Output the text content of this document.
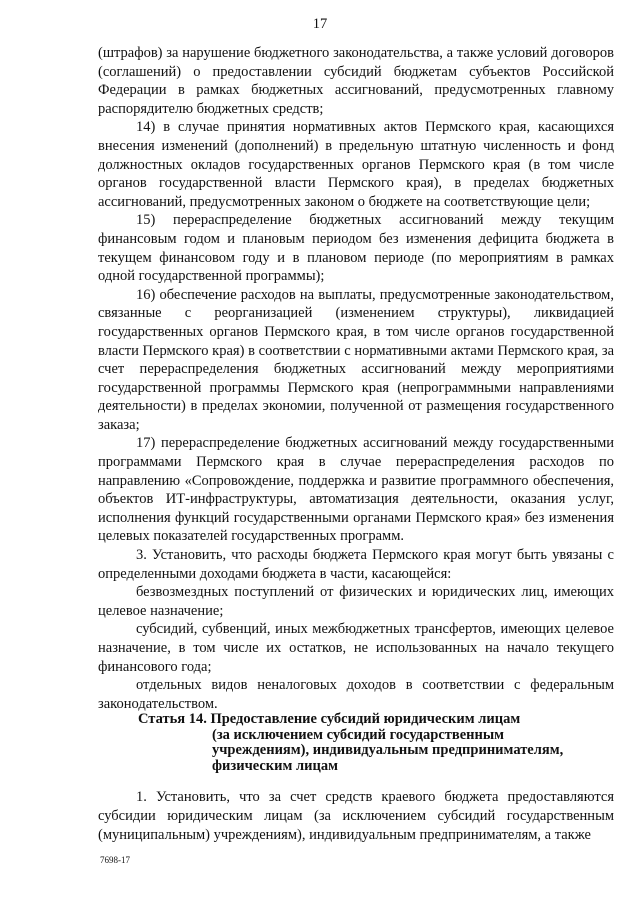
17

(штрафов) за нарушение бюджетного законодательства, а также условий договоров (соглашений) о предоставлении субсидий бюджетам субъектов Российской Федерации в рамках бюджетных ассигнований, предусмотренных главному распорядителю бюджетных средств;

14) в случае принятия нормативных актов Пермского края, касающихся внесения изменений (дополнений) в предельную штатную численность и фонд должностных окладов государственных органов Пермского края (в том числе органов государственной власти Пермского края), в пределах бюджетных ассигнований, предусмотренных законом о бюджете на соответствующие цели;

15) перераспределение бюджетных ассигнований между текущим финансовым годом и плановым периодом без изменения дефицита бюджета в текущем финансовом году и в плановом периоде (по мероприятиям в рамках одной государственной программы);

16) обеспечение расходов на выплаты, предусмотренные законодательством, связанные с реорганизацией (изменением структуры), ликвидацией государственных органов Пермского края, в том числе органов государственной власти Пермского края) в соответствии с нормативными актами Пермского края, за счет перераспределения бюджетных ассигнований между мероприятиями государственной программы Пермского края (непрограммными направлениями деятельности) в пределах экономии, полученной от размещения государственного заказа;

17) перераспределение бюджетных ассигнований между государственными программами Пермского края в случае перераспределения расходов по направлению «Сопровождение, поддержка и развитие программного обеспечения, объектов ИТ-инфраструктуры, автоматизация деятельности, оказания услуг, исполнения функций государственными органами Пермского края» без изменения целевых показателей государственных программ.

3. Установить, что расходы бюджета Пермского края могут быть увязаны с определенными доходами бюджета в части, касающейся:

безвозмездных поступлений от физических и юридических лиц, имеющих целевое назначение;

субсидий, субвенций, иных межбюджетных трансфертов, имеющих целевое назначение, в том числе их остатков, не использованных на начало текущего финансового года;

отдельных видов неналоговых доходов в соответствии с федеральным законодательством.

Статья 14. Предоставление субсидий юридическим лицам
(за исключением субсидий государственным
учреждениям), индивидуальным предпринимателям,
физическим лицам

1. Установить, что за счет средств краевого бюджета предоставляются субсидии юридическим лицам (за исключением субсидий государственным (муниципальным) учреждениям), индивидуальным предпринимателям, а также

7698-17
